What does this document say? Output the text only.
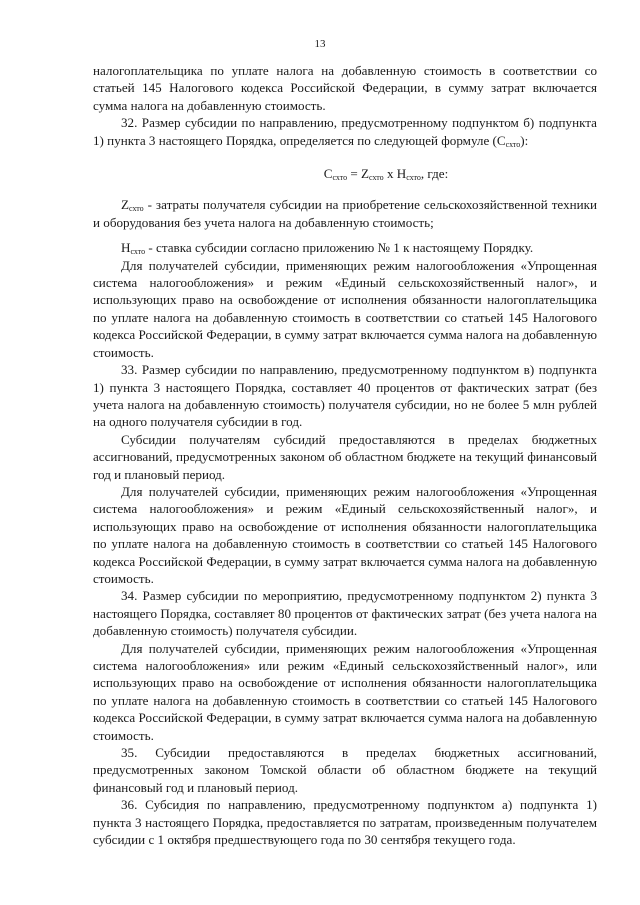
13

налогоплательщика по уплате налога на добавленную стоимость в соответствии со статьей 145 Налогового кодекса Российской Федерации, в сумму затрат включается сумма налога на добавленную стоимость.

32. Размер субсидии по направлению, предусмотренному подпунктом б) подпункта 1) пункта 3 настоящего Порядка, определяется по следующей формуле $(С_{схто})$:

$С_{схто} = Z_{схто}$ х $Н_{схто}$, где:

$Z_{схто}$ - затраты получателя субсидии на приобретение сельскохозяйственной техники и оборудования без учета налога на добавленную стоимость;

$Н_{схто}$ - ставка субсидии согласно приложению № 1 к настоящему Порядку.

Для получателей субсидии, применяющих режим налогообложения «Упрощенная система налогообложения» и режим «Единый сельскохозяйственный налог», и использующих право на освобождение от исполнения обязанности налогоплательщика по уплате налога на добавленную стоимость в соответствии со статьей 145 Налогового кодекса Российской Федерации, в сумму затрат включается сумма налога на добавленную стоимость.

33. Размер субсидии по направлению, предусмотренному подпунктом в) подпункта 1) пункта 3 настоящего Порядка, составляет 40 процентов от фактических затрат (без учета налога на добавленную стоимость) получателя субсидии, но не более 5 млн рублей на одного получателя субсидии в год.

Субсидии получателям субсидий предоставляются в пределах бюджетных ассигнований, предусмотренных законом об областном бюджете на текущий финансовый год и плановый период.

Для получателей субсидии, применяющих режим налогообложения «Упрощенная система налогообложения» и режим «Единый сельскохозяйственный налог», и использующих право на освобождение от исполнения обязанности налогоплательщика по уплате налога на добавленную стоимость в соответствии со статьей 145 Налогового кодекса Российской Федерации, в сумму затрат включается сумма налога на добавленную стоимость.

34. Размер субсидии по мероприятию, предусмотренному подпунктом 2) пункта 3 настоящего Порядка, составляет 80 процентов от фактических затрат (без учета налога на добавленную стоимость) получателя субсидии.

Для получателей субсидии, применяющих режим налогообложения «Упрощенная система налогообложения» или режим «Единый сельскохозяйственный налог», или использующих право на освобождение от исполнения обязанности налогоплательщика по уплате налога на добавленную стоимость в соответствии со статьей 145 Налогового кодекса Российской Федерации, в сумму затрат включается сумма налога на добавленную стоимость.

35. Субсидии предоставляются в пределах бюджетных ассигнований, предусмотренных законом Томской области об областном бюджете на текущий финансовый год и плановый период.

36. Субсидия по направлению, предусмотренному подпунктом а) подпункта 1) пункта 3 настоящего Порядка, предоставляется по затратам, произведенным получателем субсидии с 1 октября предшествующего года по 30 сентября текущего года.
